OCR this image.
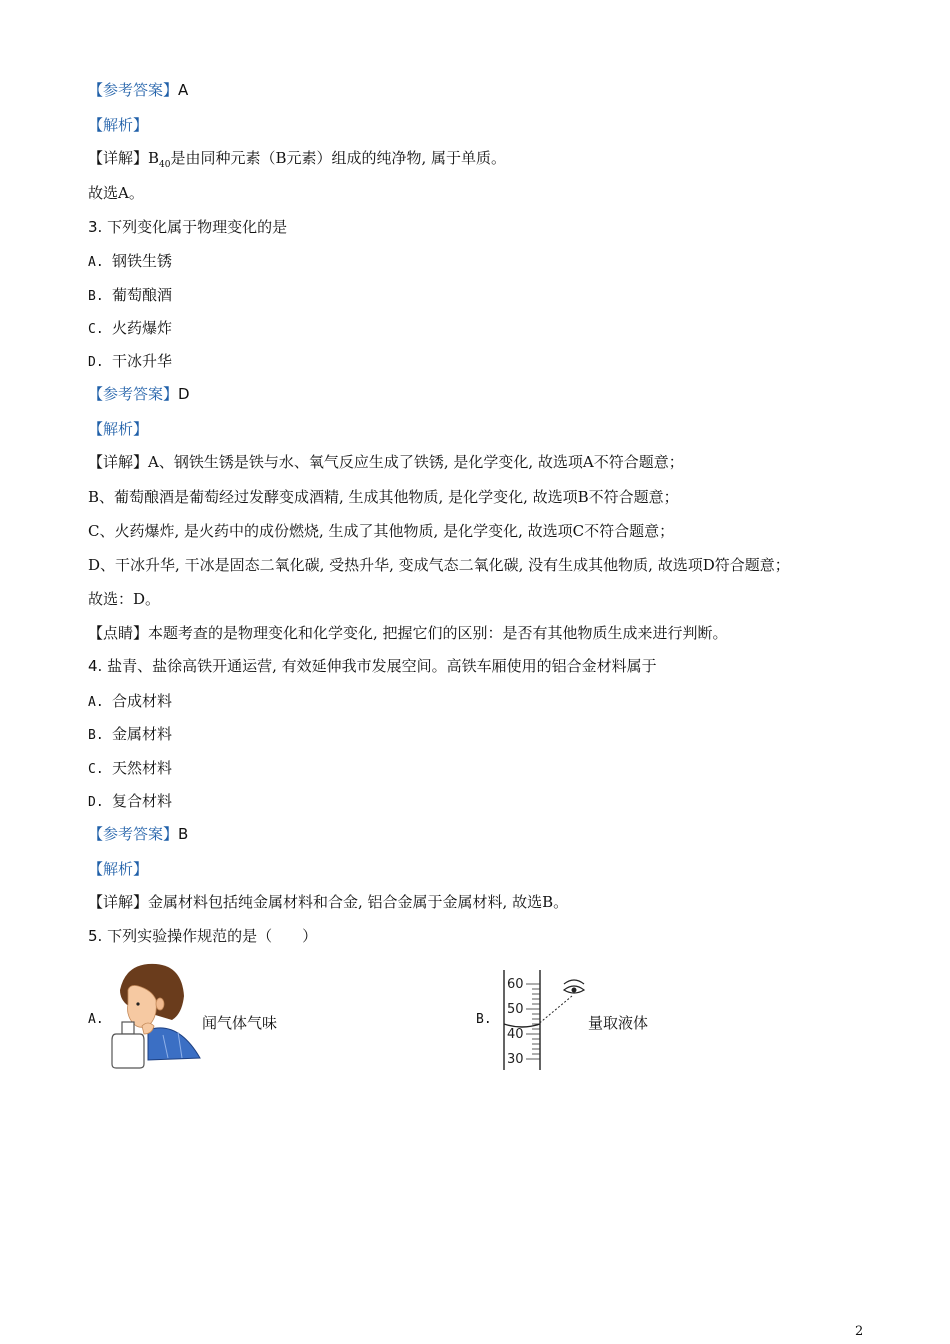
【参考答案】A
【解析】
【详解】$B_{40}$是由同种元素（B元素）组成的纯净物, 属于单质。
故选A。
3. 下列变化属于物理变化的是
A. 钢铁生锈
B. 葡萄酿酒
C. 火药爆炸
D. 干冰升华
【参考答案】D
【解析】
【详解】A、钢铁生锈是铁与水、氧气反应生成了铁锈, 是化学变化, 故选项A不符合题意；
B、葡萄酿酒是葡萄经过发酵变成酒精, 生成其他物质, 是化学变化, 故选项B不符合题意；
C、火药爆炸, 是火药中的成份燃烧, 生成了其他物质, 是化学变化, 故选项C不符合题意；
D、干冰升华, 干冰是固态二氧化碳, 受热升华, 变成气态二氧化碳, 没有生成其他物质, 故选项D符合题意；
故选：D。
【点睛】本题考查的是物理变化和化学变化, 把握它们的区别：是否有其他物质生成来进行判断。
4. 盐青、盐徐高铁开通运营, 有效延伸我市发展空间。高铁车厢使用的铝合金材料属于
A. 合成材料
B. 金属材料
C. 天然材料
D. 复合材料
【参考答案】B
【解析】
【详解】金属材料包括纯金属材料和合金, 铝合金属于金属材料, 故选B。
5. 下列实验操作规范的是（　　）
A.	闻气体气味	B.
60
50
40
30
量取液体
2
